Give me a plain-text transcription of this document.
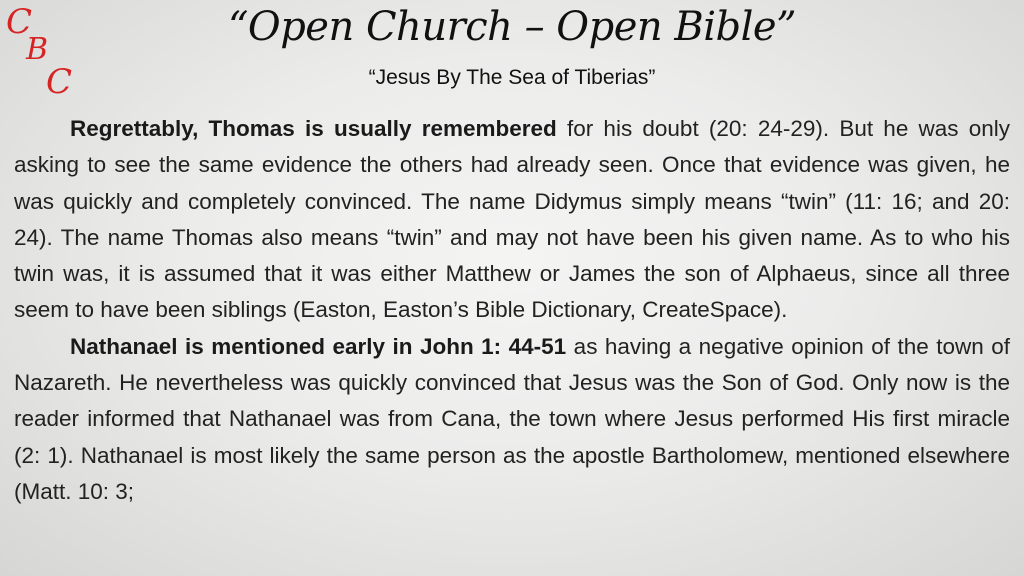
C
B
C
“Open Church – Open Bible”
“Jesus By The Sea of Tiberias”

Regrettably, Thomas is usually remembered for his doubt (20: 24-29). But he was only asking to see the same evidence the others had already seen. Once that evidence was given, he was quickly and completely convinced. The name Didymus simply means “twin” (11: 16; and 20: 24). The name Thomas also means “twin” and may not have been his given name. As to who his twin was, it is assumed that it was either Matthew or James the son of Alphaeus, since all three seem to have been siblings (Easton, Easton’s Bible Dictionary, CreateSpace).

Nathanael is mentioned early in John 1: 44-51 as having a negative opinion of the town of Nazareth. He nevertheless was quickly convinced that Jesus was the Son of God. Only now is the reader informed that Nathanael was from Cana, the town where Jesus performed His first miracle (2: 1). Nathanael is most likely the same person as the apostle Bartholomew, mentioned elsewhere (Matt. 10: 3;
